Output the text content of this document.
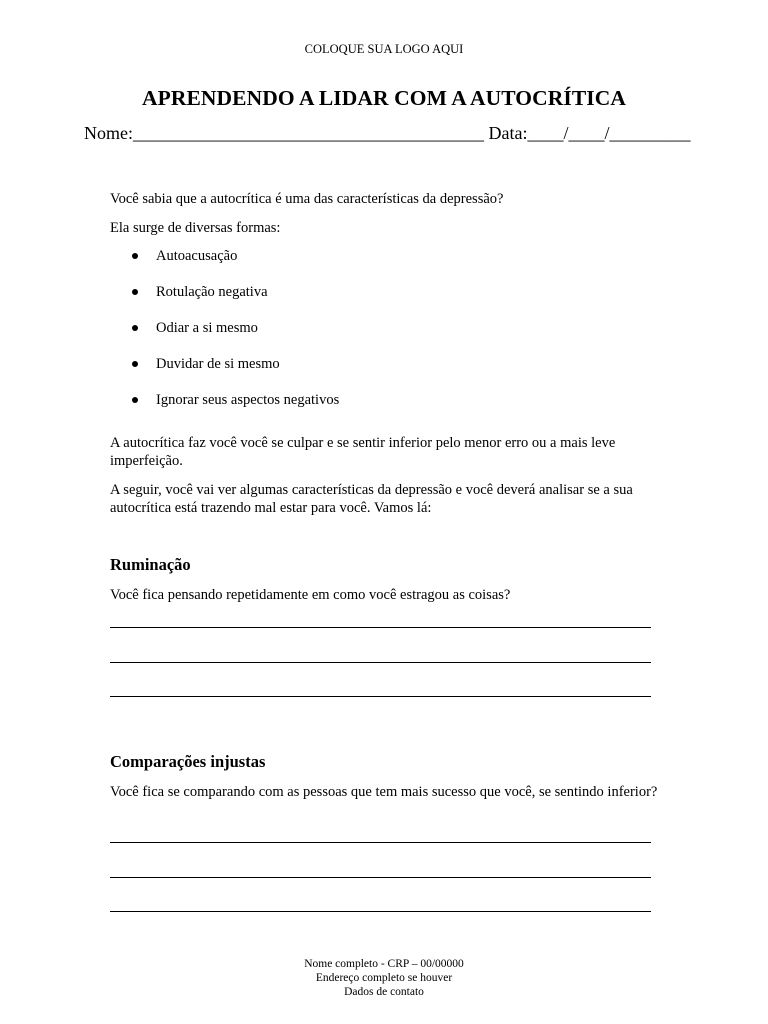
COLOQUE SUA LOGO AQUI
APRENDENDO A LIDAR COM A AUTOCRÍTICA
Nome:_______________________________________ Data:____/____/_________
Você sabia que a autocrítica é uma das características da depressão?
Ela surge de diversas formas:
Autoacusação
Rotulação negativa
Odiar a si mesmo
Duvidar de si mesmo
Ignorar seus aspectos negativos
A autocrítica faz você você se culpar e se sentir inferior pelo menor erro ou a mais leve imperfeição.
A seguir, você vai ver algumas características da depressão e você deverá analisar se a sua autocrítica está trazendo mal estar para você. Vamos lá:
Ruminação
Você fica pensando repetidamente em como você estragou as coisas?
Comparações injustas
Você fica se comparando com as pessoas que tem mais sucesso que você, se sentindo inferior?
Nome completo - CRP – 00/00000
Endereço completo se houver
Dados de contato
